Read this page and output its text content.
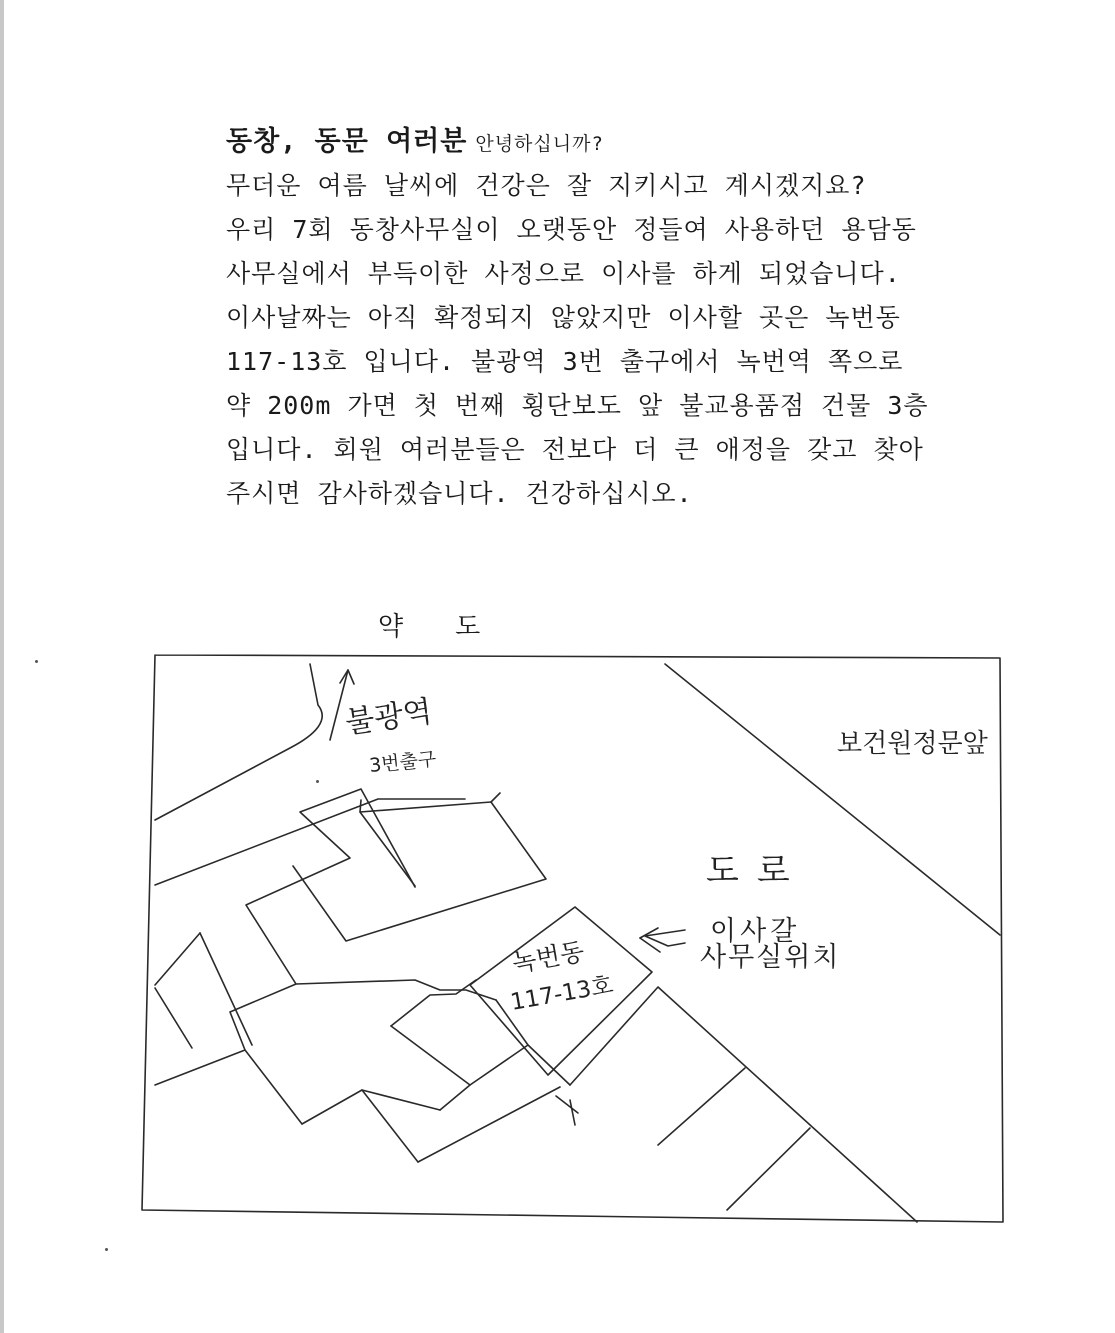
동창, 동문 여러분 안녕하십니까?
무더운 여름 날씨에 건강은 잘 지키시고 계시겠지요?
우리 7회 동창사무실이 오랫동안 정들여 사용하던 용담동
사무실에서 부득이한 사정으로 이사를 하게 되었습니다.
이사날짜는 아직 확정되지 않았지만 이사할 곳은 녹번동
117-13호 입니다. 불광역 3번 출구에서 녹번역 쪽으로
약 200m 가면 첫 번째 횡단보도 앞 불교용품점 건물 3층
입니다. 회원 여러분들은 전보다 더 큰 애정을 갖고 찾아
주시면 감사하겠습니다. 건강하십시오.
약도
불광역
3번출구
보건원정문앞
도로
녹번동
117-13호
이사갈
사무실위치
